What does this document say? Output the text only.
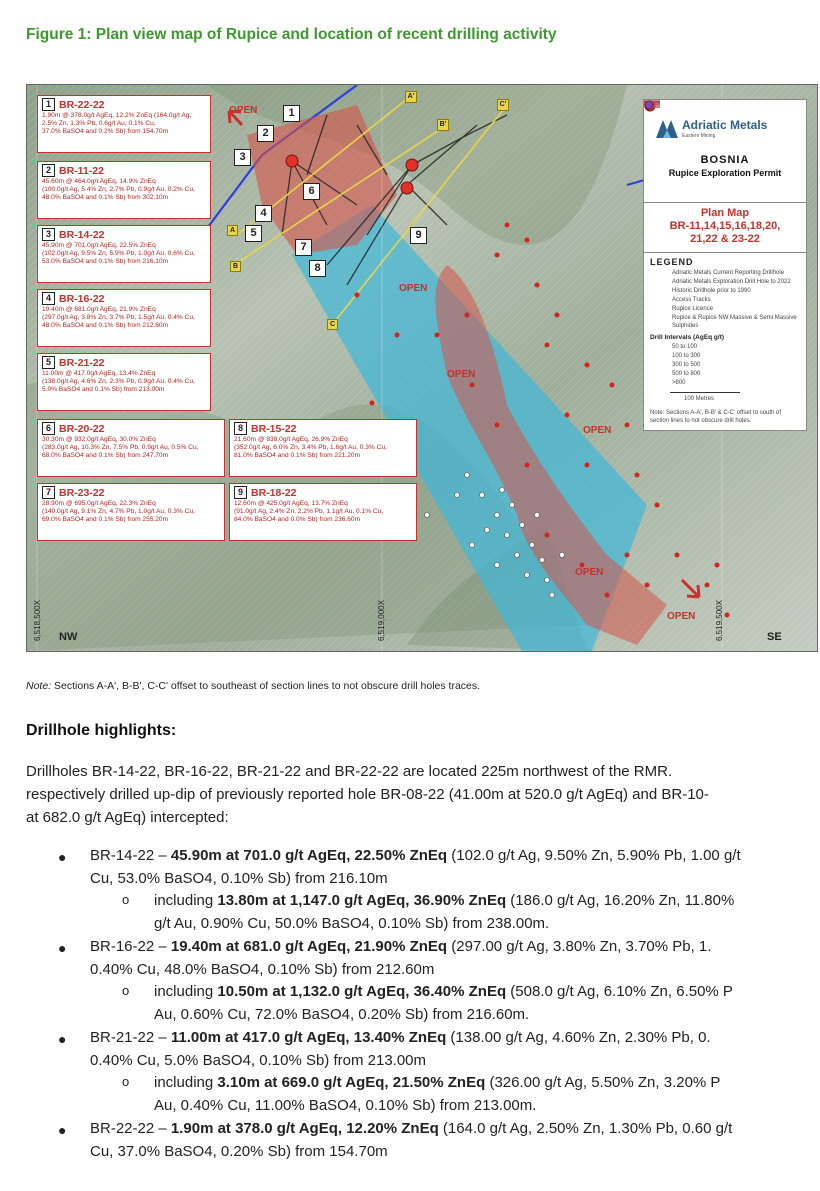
Figure 1: Plan view map of Rupice and location of recent drilling activity
1 BR-22-22
1.90m @ 378.0g/t AgEq, 12.2% ZnEq (164.0g/t Ag,
2.5% Zn, 1.3% Pb, 0.6g/t Au, 0.1% Cu,
37.0% BaSO4 and 0.2% Sb) from 154.70m
2 BR-11-22
45.60m @ 464.0g/t AgEq, 14.9% ZnEq
(100.0g/t Ag, 5.4% Zn, 2.7% Pb, 0.9g/t Au, 0.2% Cu,
48.0% BaSO4 and 0.1% Sb) from 302.10m
3 BR-14-22
45.90m @ 701.0g/t AgEq, 22.5% ZnEq
(102.0g/t Ag, 9.5% Zn, 5.9% Pb, 1.0g/t Au, 0.6% Cu,
53.0% BaSO4 and 0.1% Sb) from 216.10m
4 BR-16-22
19.40m @ 681.0g/t AgEq, 21.9% ZnEq
(297.0g/t Ag, 3.8% Zn, 3.7% Pb, 1.5g/t Au, 0.4% Cu,
48.0% BaSO4 and 0.1% Sb) from 212.60m
5 BR-21-22
11.00m @ 417.0g/t AgEq, 13.4% ZnEq
(138.0g/t Ag, 4.6% Zn, 2.3% Pb, 0.9g/t Au, 0.4% Cu,
5.0% BaSO4 and 0.1% Sb) from 213.00m
6 BR-20-22
30.30m @ 932.0g/t AgEq, 30.0% ZnEq
(283.0g/t Ag, 10.3% Zn, 7.5% Pb, 0.9g/t Au, 0.5% Cu,
68.0% BaSO4 and 0.1% Sb) from 247.70m
7 BR-23-22
28.90m @ 695.0g/t AgEq, 22.3% ZnEq
(140.0g/t Ag, 9.1% Zn, 4.7% Pb, 1.0g/t Au, 0.3% Cu,
69.0% BaSO4 and 0.1% Sb) from 255.20m
8 BR-15-22
21.60m @ 838.0g/t AgEq, 26.9% ZnEq
(352.0g/t Ag, 6.0% Zn, 3.4% Pb, 1.6g/t Au, 0.3% Cu,
81.0% BaSO4 and 0.1% Sb) from 221.20m
9 BR-18-22
12.60m @ 425.0g/t AgEq, 13.7% ZnEq
(91.0g/t Ag, 2.4% Zn, 2.2% Pb, 1.1g/t Au, 0.1% Cu,
84.0% BaSO4 and 0.0% Sb) from 236.60m
1
2
3
4
5
6
7
8
9
A
A'
B
B'
C
C'
OPEN
OPEN
OPEN
OPEN
OPEN
OPEN
6,518,500X	6,519,000X	6,519,500X
NW	SE
Adriatic Metals
Eastern Mining
BOSNIA
Rupice Exploration Permit
Plan Map
BR-11,14,15,16,18,20,
21,22 & 23-22
LEGEND
Adriatic Metals Current Reporting Drillhole
Adriatic Metals Exploration Drill Hole to 2022
Historic Drillhole prior to 1990
Access Tracks
Rupice Licence
Rupice & Rupice NW Massive & Semi Massive Sulphides
Drill Intervals (AgEq g/t)
50 to 100
100 to 300
300 to 500
500 to 800
>800
100 Metres
Note: Sections A-A', B-B' & C-C' offset to south of section lines to not obscure drill holes.
Note: Sections A-A', B-B', C-C' offset to southeast of section lines to not obscure drill holes traces.
Drillhole highlights:
Drillholes BR-14-22, BR-16-22, BR-21-22 and BR-22-22 are located 225m northwest of the RMR.
respectively drilled up-dip of previously reported hole BR-08-22 (41.00m at 520.0 g/t AgEq) and BR-10-
at 682.0 g/t AgEq) intercepted:
● BR-14-22 – 45.90m at 701.0 g/t AgEq, 22.50% ZnEq (102.0 g/t Ag, 9.50% Zn, 5.90% Pb, 1.00 g/t
Cu, 53.0% BaSO4, 0.10% Sb) from 216.10m
o including 13.80m at 1,147.0 g/t AgEq, 36.90% ZnEq (186.0 g/t Ag, 16.20% Zn, 11.80%
g/t Au, 0.90% Cu, 50.0% BaSO4, 0.10% Sb) from 238.00m.
● BR-16-22 – 19.40m at 681.0 g/t AgEq, 21.90% ZnEq (297.00 g/t Ag, 3.80% Zn, 3.70% Pb, 1.
0.40% Cu, 48.0% BaSO4, 0.10% Sb) from 212.60m
o including 10.50m at 1,132.0 g/t AgEq, 36.40% ZnEq (508.0 g/t Ag, 6.10% Zn, 6.50% P
Au, 0.60% Cu, 72.0% BaSO4, 0.20% Sb) from 216.60m.
● BR-21-22 – 11.00m at 417.0 g/t AgEq, 13.40% ZnEq (138.00 g/t Ag, 4.60% Zn, 2.30% Pb, 0.
0.40% Cu, 5.0% BaSO4, 0.10% Sb) from 213.00m
o including 3.10m at 669.0 g/t AgEq, 21.50% ZnEq (326.00 g/t Ag, 5.50% Zn, 3.20% P
Au, 0.40% Cu, 11.00% BaSO4, 0.10% Sb) from 213.00m.
● BR-22-22 – 1.90m at 378.0 g/t AgEq, 12.20% ZnEq (164.0 g/t Ag, 2.50% Zn, 1.30% Pb, 0.60 g/t
Cu, 37.0% BaSO4, 0.20% Sb) from 154.70m
